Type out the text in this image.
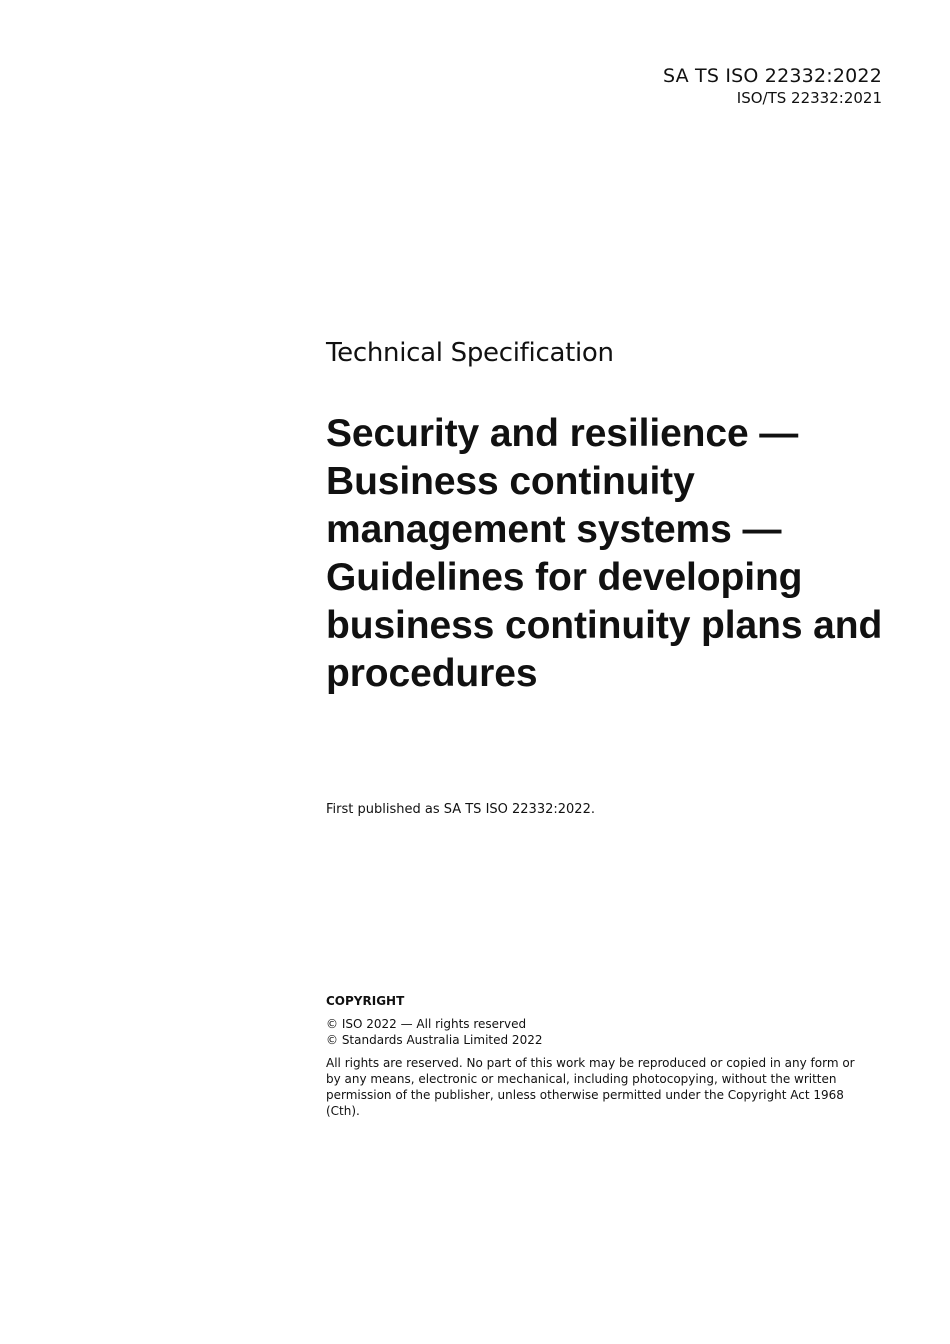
SA TS ISO 22332:2022
ISO/TS 22332:2021
Technical Specification
Security and resilience — Business continuity management systems — Guidelines for developing business continuity plans and procedures
First published as SA TS ISO 22332:2022.
COPYRIGHT
© ISO 2022 — All rights reserved
© Standards Australia Limited 2022
All rights are reserved. No part of this work may be reproduced or copied in any form or by any means, electronic or mechanical, including photocopying, without the written permission of the publisher, unless otherwise permitted under the Copyright Act 1968 (Cth).
